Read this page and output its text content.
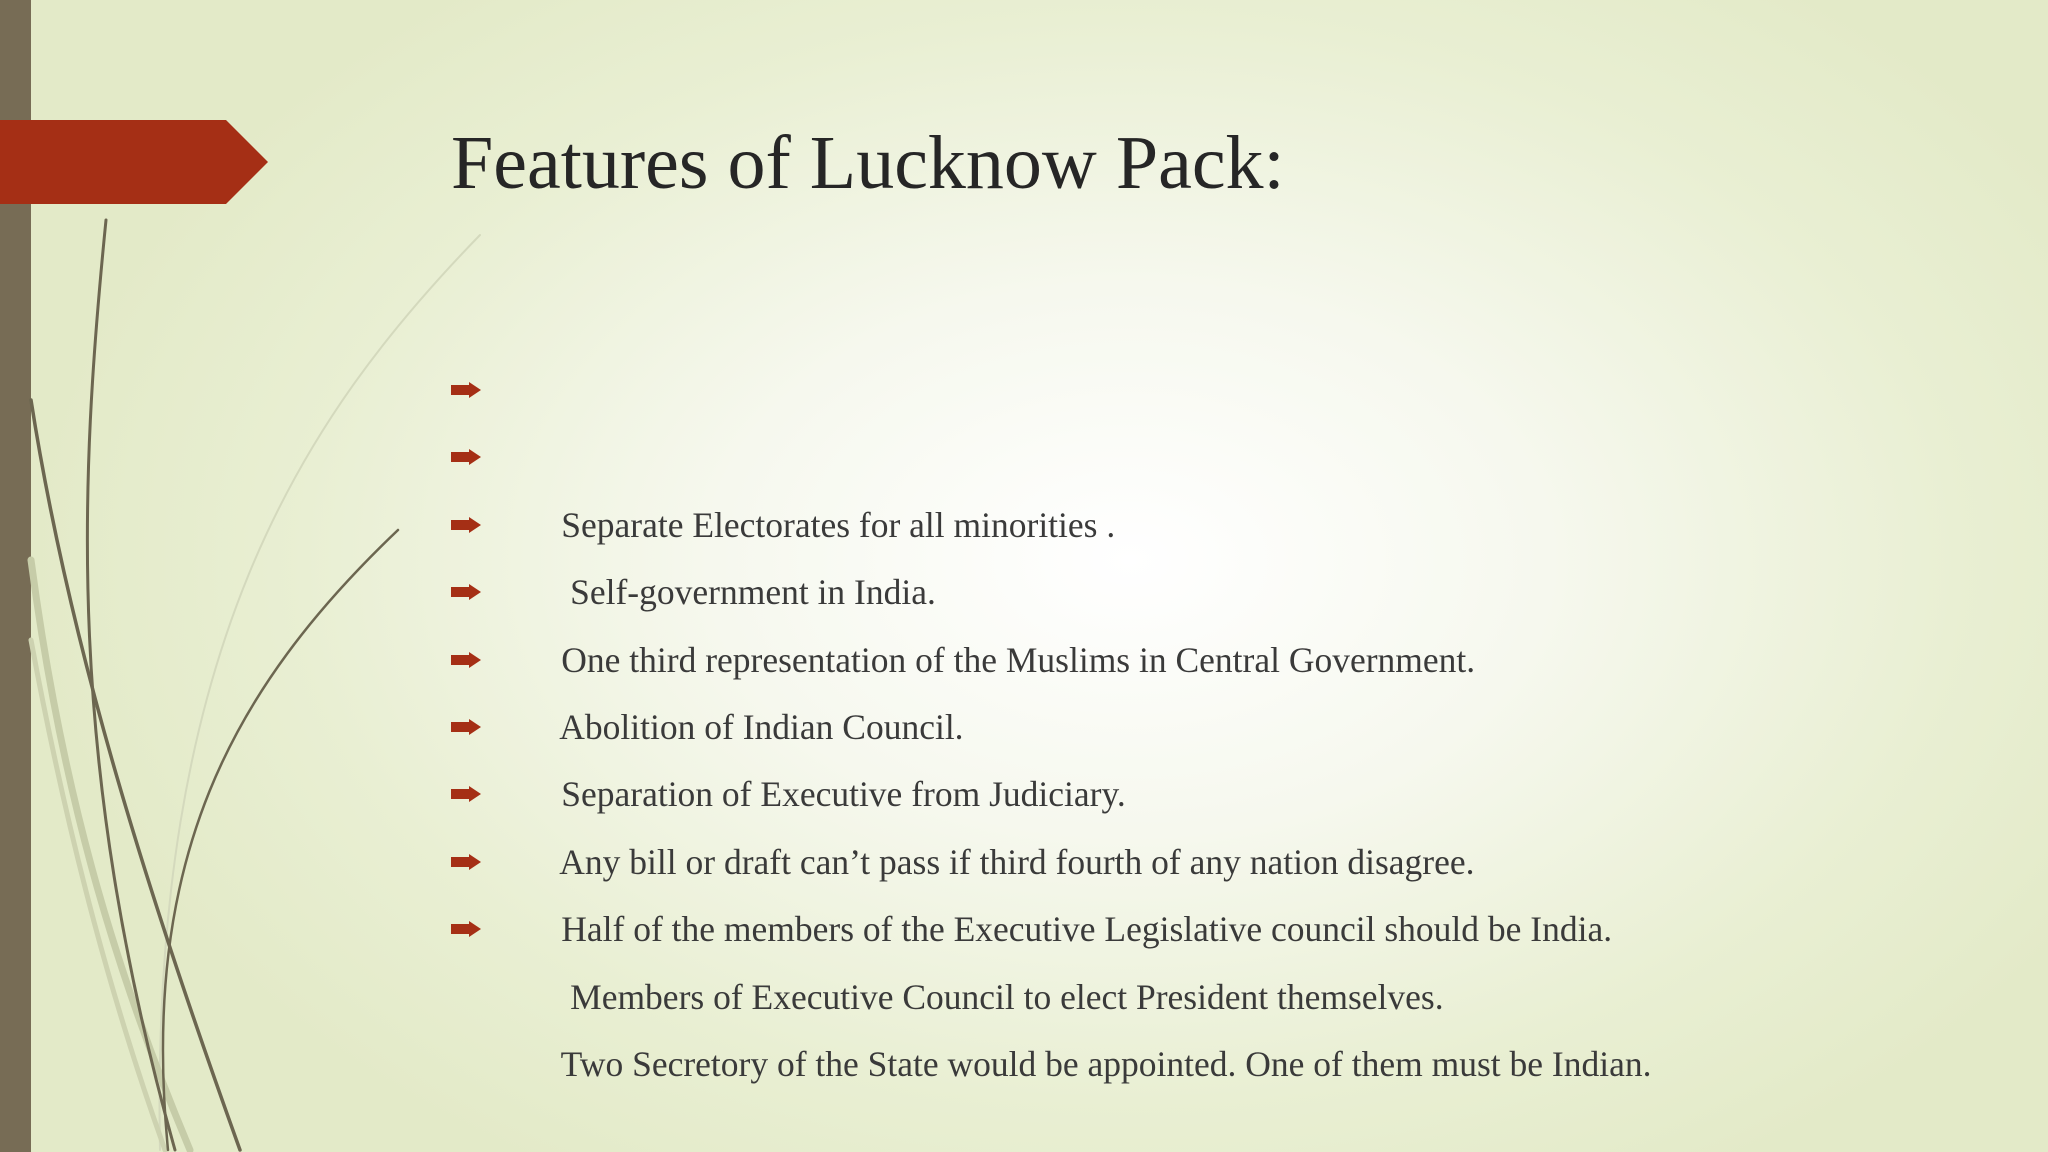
Features of Lucknow Pack:

Separate Electorates for all minorities .

Self-government in India.

One third representation of the Muslims in Central Government.

Abolition of Indian Council.

Separation of Executive from Judiciary.

Any bill or draft can’t pass if third fourth of any nation disagree.

Half of the members of the Executive Legislative council should be India.

Members of Executive Council to elect President themselves.

Two Secretory of the State would be appointed. One of them must be Indian.
